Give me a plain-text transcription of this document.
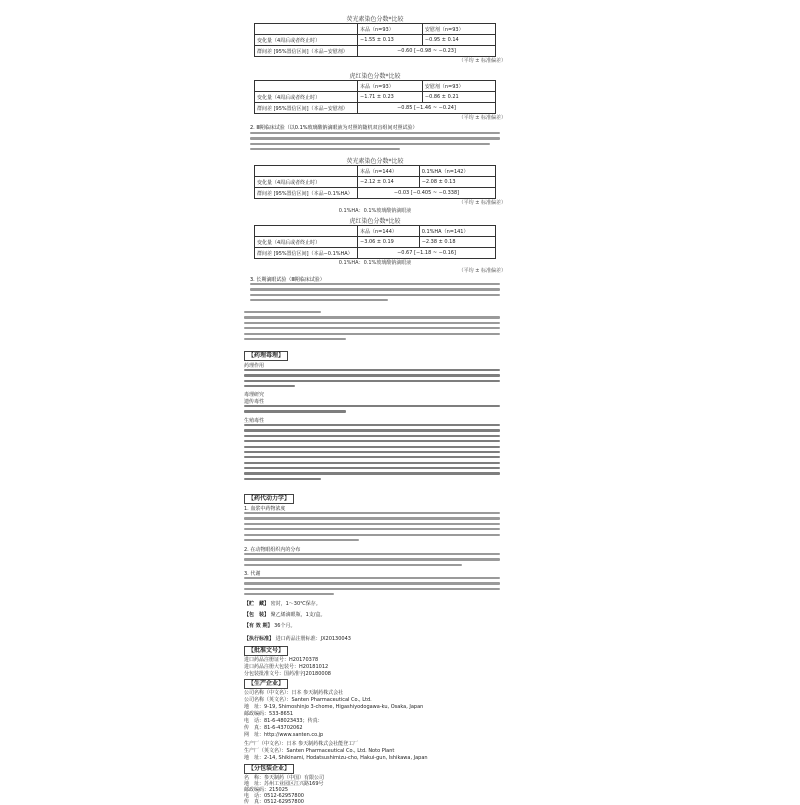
荧光素染色分数*比较
	本品（n=93）	安慰剂（n=93）
变化量（4周后或者终止时）	−1.55 ± 0.13	−0.95 ± 0.14
群间差 [95%置信区间]（本品−安慰剂）	−0.60 [−0.98 ~ −0.23]	
（平均 ± 标准偏差）
虎红染色分数*比较
	本品（n=93）	安慰剂（n=93）
变化量（4周后或者终止时）	−1.71 ± 0.23	−0.86 ± 0.21
群间差 [95%置信区间]（本品−安慰剂）	−0.85 [−1.46 ~ −0.24]	
（平均 ± 标准偏差）
2. Ⅲ期临床试验（以0.1%玻璃酸钠滴眼液为对照的随机双盲组间对照试验）
荧光素染色分数*比较
	本品（n=144）	0.1%HA（n=142）
变化量（4周后或者终止时）	−2.12 ± 0.14	−2.08 ± 0.13
群间差 [95%置信区间]（本品−0.1%HA）	−0.03 [−0.405 ~ −0.338]	
（平均 ± 标准偏差）
0.1%HA：0.1%玻璃酸钠滴眼液
虎红染色分数*比较
	本品（n=144）	0.1%HA（n=141）
变化量（4周后或者终止时）	−3.06 ± 0.19	−2.38 ± 0.18
群间差 [95%置信区间]（本品−0.1%HA）	−0.67 [−1.18 ~ −0.16]	
0.1%HA：0.1%玻璃酸钠滴眼液
（平均 ± 标准偏差）
3. 长期滴眼试验（Ⅲ期临床试验）
【药理毒理】
药理作用
毒理研究
遗传毒性
生殖毒性
【药代动力学】
1. 血浆中药物浓度
2. 在动物眼组织内的分布
3. 代谢
【贮　藏】 密封，1～30℃保存。
【包　装】 聚乙烯滴眼瓶，1支/盒。
【有 效 期】 36个月。
【执行标准】 进口药品注册标准：JX20130043
【批准文号】
进口药品注册证号：H20170378
进口药品注册大包装号：H20181012
分包装批准文号：国药准字J20180008
【生产企业】
公司名称（中文名）：日本 参天制药株式会社
公司名称（英文名）：Santen Pharmaceutical Co., Ltd.
地　址：9-19, Shimoshinjo 3-chome, Higashiyodogawa-ku, Osaka, Japan
邮政编码：533-8651
电　话：81-6-48023433；传真：
传　真：81-6-43702062
网　址：http://www.santen.co.jp
生产厂（中文名）：日本 参天制药株式会社能登工厂
生产厂（英文名）：Santen Pharmaceutical Co., Ltd. Noto Plant
地　址：2-14, Shikinami, Hodatsushimizu-cho, Hakui-gun, Ishikawa, Japan
【分包装企业】
名　称：参天制药（中国）有限公司
地　址：苏州工业园区江兴路169号
邮政编码：215025
电　话：0512-62957800
传　真：0512-62957800
